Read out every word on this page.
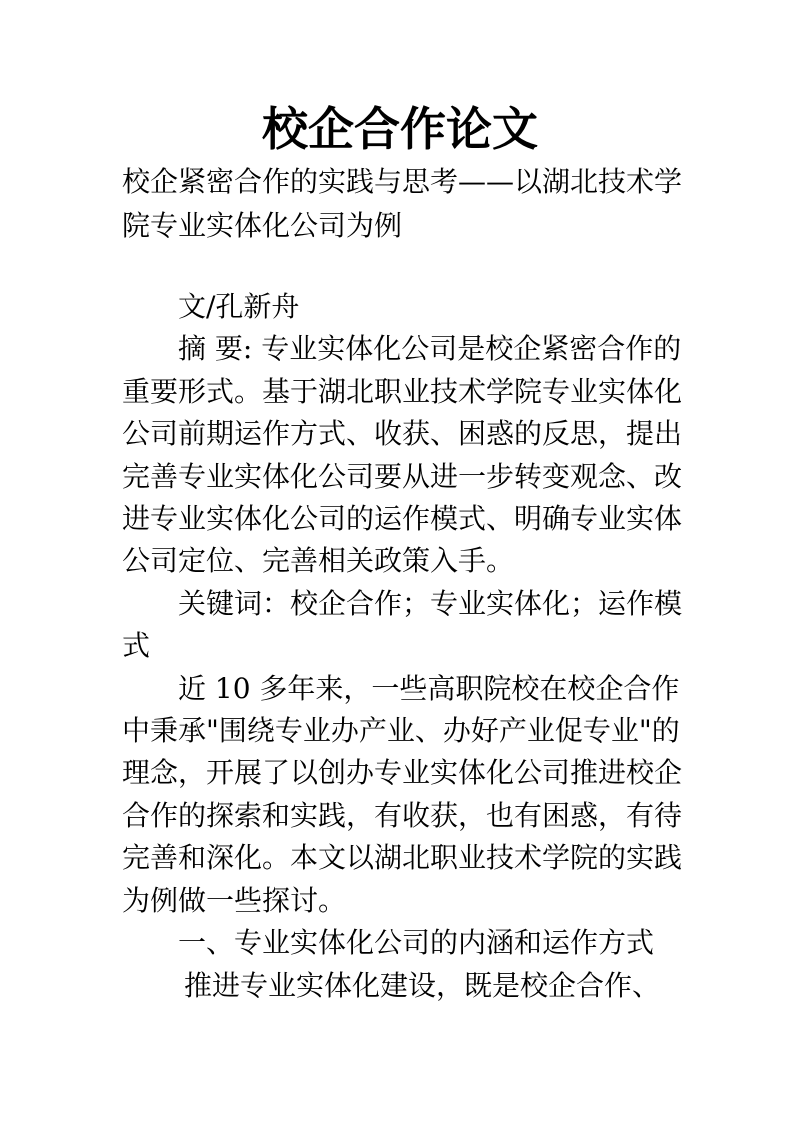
校企合作论文
校企紧密合作的实践与思考——以湖北技术学院专业实体化公司为例

文/孔新舟

摘 要: 专业实体化公司是校企紧密合作的重要形式。基于湖北职业技术学院专业实体化公司前期运作方式、收获、困惑的反思，提出完善专业实体化公司要从进一步转变观念、改进专业实体化公司的运作模式、明确专业实体公司定位、完善相关政策入手。

关键词：校企合作；专业实体化；运作模式

近 10 多年来，一些高职院校在校企合作中秉承"围绕专业办产业、办好产业促专业"的理念，开展了以创办专业实体化公司推进校企合作的探索和实践，有收获，也有困惑，有待完善和深化。本文以湖北职业技术学院的实践为例做一些探讨。

一、专业实体化公司的内涵和运作方式

推进专业实体化建设，既是校企合作、
